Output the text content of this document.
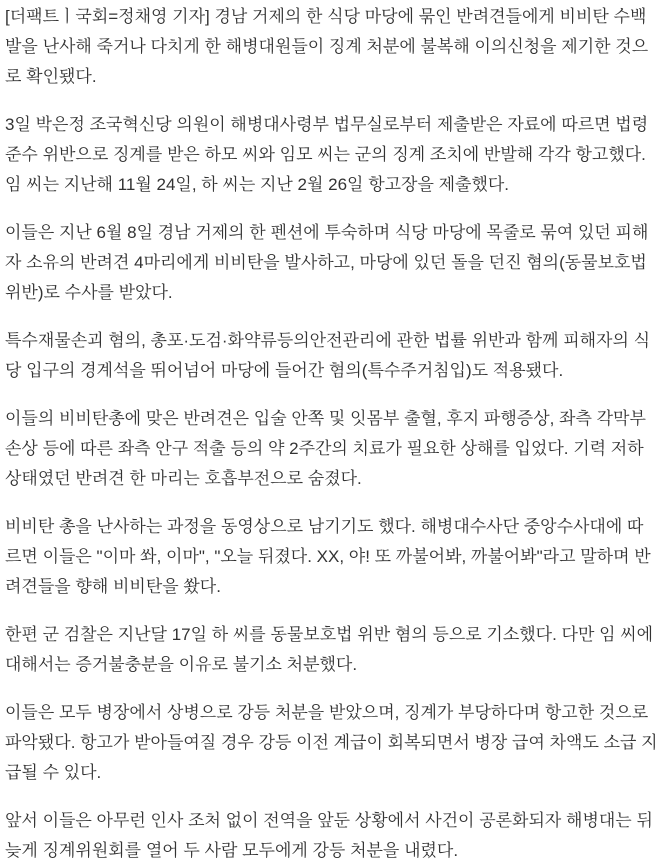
[더팩트ㅣ국회=정채영 기자] 경남 거제의 한 식당 마당에 묶인 반려견들에게 비비탄 수백 발을 난사해 죽거나 다치게 한 해병대원들이 징계 처분에 불복해 이의신청을 제기한 것으로 확인됐다.

3일 박은정 조국혁신당 의원이 해병대사령부 법무실로부터 제출받은 자료에 따르면 법령준수 위반으로 징계를 받은 하모 씨와 임모 씨는 군의 징계 조치에 반발해 각각 항고했다. 임 씨는 지난해 11월 24일, 하 씨는 지난 2월 26일 항고장을 제출했다.

이들은 지난 6월 8일 경남 거제의 한 펜션에 투숙하며 식당 마당에 목줄로 묶여 있던 피해자 소유의 반려견 4마리에게 비비탄을 발사하고, 마당에 있던 돌을 던진 혐의(동물보호법 위반)로 수사를 받았다.

특수재물손괴 혐의, 총포·도검·화약류등의안전관리에 관한 법률 위반과 함께 피해자의 식당 입구의 경계석을 뛰어넘어 마당에 들어간 혐의(특수주거침입)도 적용됐다.

이들의 비비탄총에 맞은 반려견은 입술 안쪽 및 잇몸부 출혈, 후지 파행증상, 좌측 각막부 손상 등에 따른 좌측 안구 적출 등의 약 2주간의 치료가 필요한 상해를 입었다. 기력 저하 상태였던 반려견 한 마리는 호흡부전으로 숨졌다.

비비탄 총을 난사하는 과정을 동영상으로 남기기도 했다. 해병대수사단 중앙수사대에 따르면 이들은 "이마 쏴, 이마", "오늘 뒤졌다. XX, 야! 또 까불어봐, 까불어봐"라고 말하며 반려견들을 향해 비비탄을 쐈다.

한편 군 검찰은 지난달 17일 하 씨를 동물보호법 위반 혐의 등으로 기소했다. 다만 임 씨에 대해서는 증거불충분을 이유로 불기소 처분했다.

이들은 모두 병장에서 상병으로 강등 처분을 받았으며, 징계가 부당하다며 항고한 것으로 파악됐다. 항고가 받아들여질 경우 강등 이전 계급이 회복되면서 병장 급여 차액도 소급 지급될 수 있다.

앞서 이들은 아무런 인사 조처 없이 전역을 앞둔 상황에서 사건이 공론화되자 해병대는 뒤늦게 징계위원회를 열어 두 사람 모두에게 강등 처분을 내렸다.
